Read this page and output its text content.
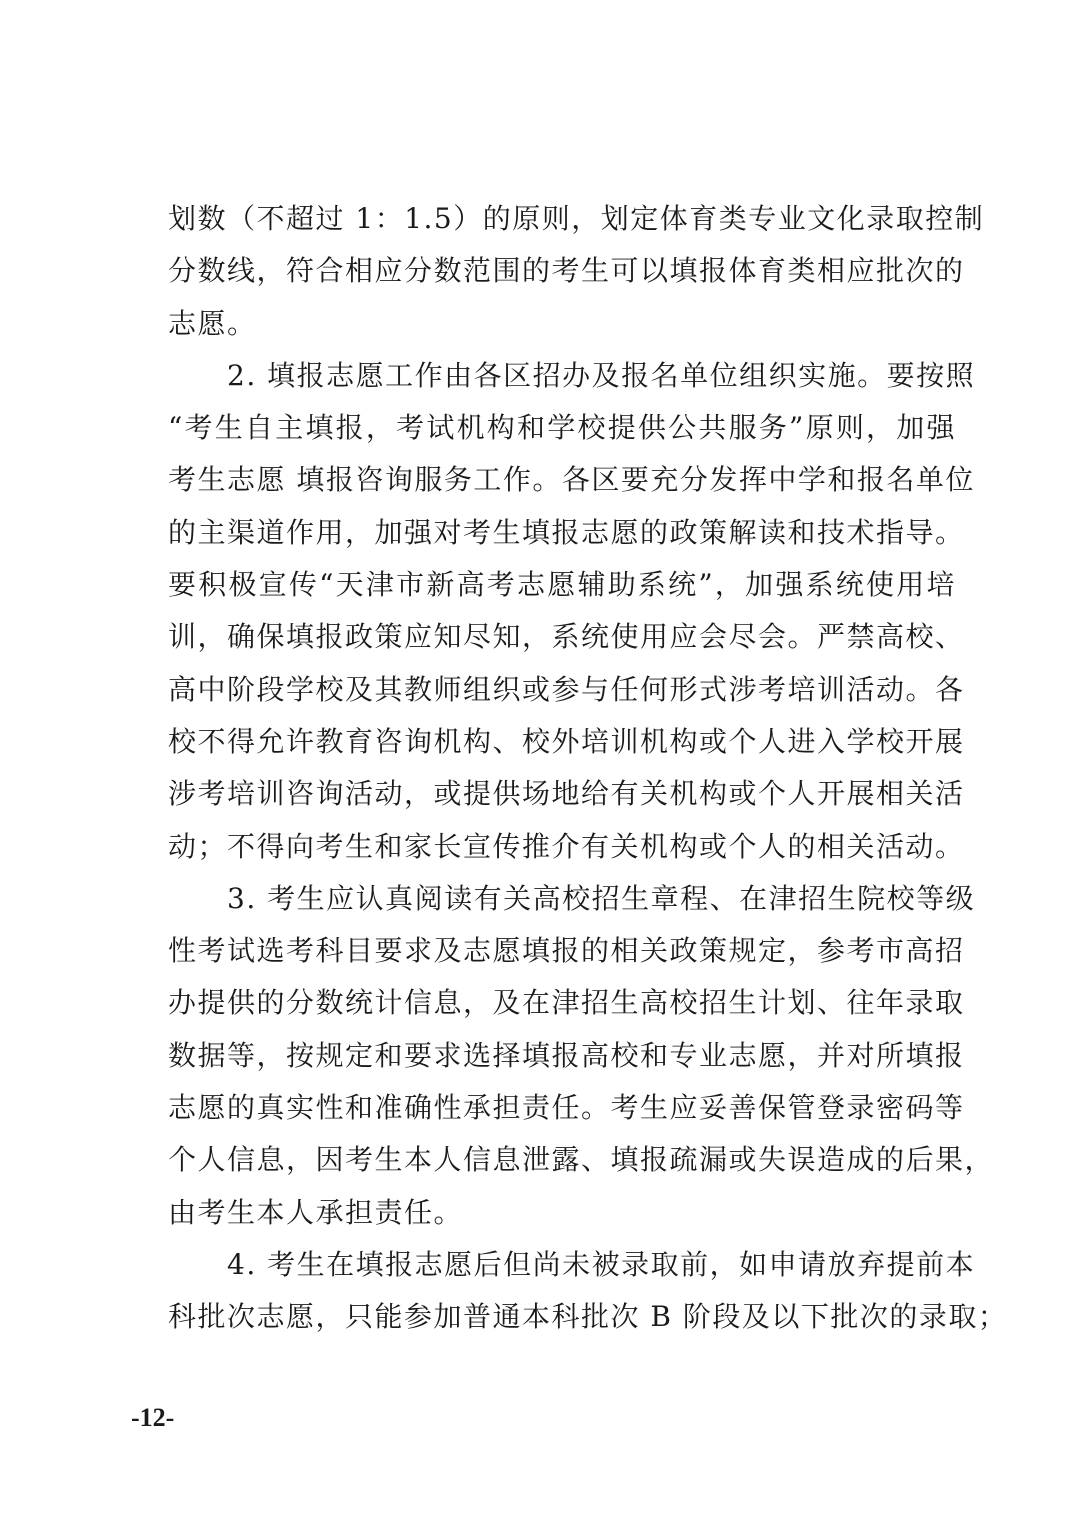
划数（不超过 1：1.5）的原则，划定体育类专业文化录取控制
分数线，符合相应分数范围的考生可以填报体育类相应批次的
志愿。
　　2. 填报志愿工作由各区招办及报名单位组织实施。要按照
“考生自主填报，考试机构和学校提供公共服务”原则，加强
考生志愿 填报咨询服务工作。各区要充分发挥中学和报名单位
的主渠道作用，加强对考生填报志愿的政策解读和技术指导。
要积极宣传“天津市新高考志愿辅助系统”，加强系统使用培
训，确保填报政策应知尽知，系统使用应会尽会。严禁高校、
高中阶段学校及其教师组织或参与任何形式涉考培训活动。各
校不得允许教育咨询机构、校外培训机构或个人进入学校开展
涉考培训咨询活动，或提供场地给有关机构或个人开展相关活
动；不得向考生和家长宣传推介有关机构或个人的相关活动。
　　3. 考生应认真阅读有关高校招生章程、在津招生院校等级
性考试选考科目要求及志愿填报的相关政策规定，参考市高招
办提供的分数统计信息，及在津招生高校招生计划、往年录取
数据等，按规定和要求选择填报高校和专业志愿，并对所填报
志愿的真实性和准确性承担责任。考生应妥善保管登录密码等
个人信息，因考生本人信息泄露、填报疏漏或失误造成的后果，
由考生本人承担责任。
　　4. 考生在填报志愿后但尚未被录取前，如申请放弃提前本
科批次志愿，只能参加普通本科批次 B 阶段及以下批次的录取；
-12-
